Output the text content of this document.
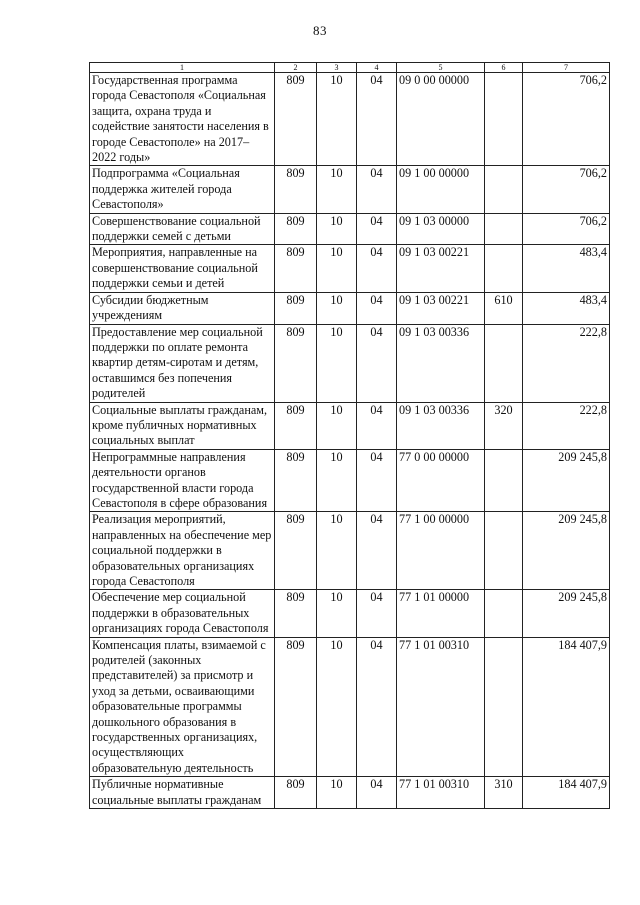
83
1	2	3	4	5	6	7
Государственная программа города Севастополя «Социальная защита, охрана труда и содействие занятости населения в городе Севастополе» на 2017–2022 годы»	809	10	04	09 0 00 00000		706,2
Подпрограмма «Социальная поддержка жителей города Севастополя»	809	10	04	09 1 00 00000		706,2
Совершенствование социальной поддержки семей с детьми	809	10	04	09 1 03 00000		706,2
Мероприятия, направленные на совершенствование социальной поддержки семьи и детей	809	10	04	09 1 03 00221		483,4
Субсидии бюджетным учреждениям	809	10	04	09 1 03 00221	610	483,4
Предоставление мер социальной поддержки по оплате ремонта квартир детям-сиротам и детям, оставшимся без попечения родителей	809	10	04	09 1 03 00336		222,8
Социальные выплаты гражданам, кроме публичных нормативных социальных выплат	809	10	04	09 1 03 00336	320	222,8
Непрограммные направления деятельности органов государственной власти города Севастополя в сфере образования	809	10	04	77 0 00 00000		209 245,8
Реализация мероприятий, направленных на обеспечение мер социальной поддержки в образовательных организациях города Севастополя	809	10	04	77 1 00 00000		209 245,8
Обеспечение мер социальной поддержки в образовательных организациях города Севастополя	809	10	04	77 1 01 00000		209 245,8
Компенсация платы, взимаемой с родителей (законных представителей) за присмотр и уход за детьми, осваивающими образовательные программы дошкольного образования в государственных организациях, осуществляющих образовательную деятельность	809	10	04	77 1 01 00310		184 407,9
Публичные нормативные социальные выплаты гражданам	809	10	04	77 1 01 00310	310	184 407,9
